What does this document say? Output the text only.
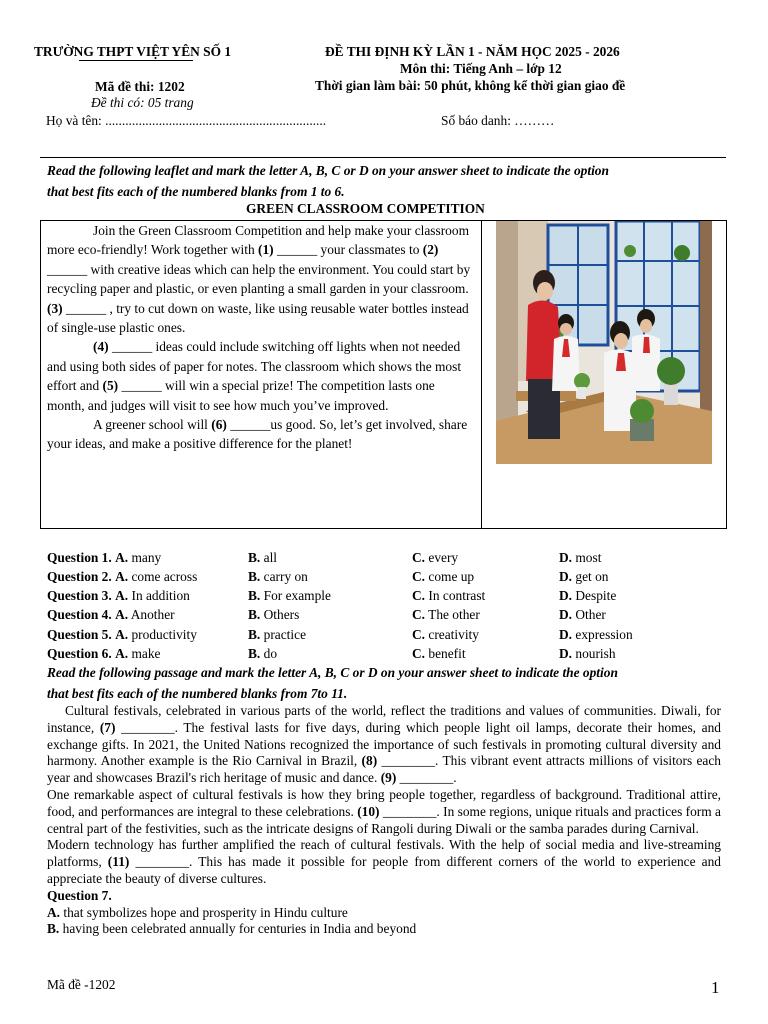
TRƯỜNG THPT VIỆT YÊN SỐ 1
Mã đề thi: 1202
Đề thi có: 05 trang
ĐỀ THI ĐỊNH KỲ LẦN 1 - NĂM HỌC 2025 - 2026
Môn thi: Tiếng Anh – lớp 12
Thời gian làm bài: 50 phút, không kể thời gian giao đề
Họ và tên: ..................................................................	Số báo danh: ………
Read the following leaflet and mark the letter A, B, C or D on your answer sheet to indicate the option
that best fits each of the numbered blanks from 1 to 6.
GREEN CLASSROOM COMPETITION

Join the Green Classroom Competition and help make your classroom more eco-friendly! Work together with (1) ______ your classmates to (2) ______ with creative ideas which can help the environment. You could start by recycling paper and plastic, or even planting a small garden in your classroom. (3) ______ , try to cut down on waste, like using reusable water bottles instead of single-use plastic ones.

(4) ______ ideas could include switching off lights when not needed and using both sides of paper for notes. The classroom which shows the most effort and (5) ______ will win a special prize! The competition lasts one month, and judges will visit to see how much you’ve improved.

A greener school will (6) ______us good. So, let’s get involved, share your ideas, and make a positive difference for the planet!

Question 1. A. many	B. all	C. every	D. most
Question 2. A. come across	B. carry on	C. come up	D. get on
Question 3. A. In addition	B. For example	C. In contrast	D. Despite
Question 4. A. Another	B. Others	C. The other	D. Other
Question 5. A. productivity	B. practice	C. creativity	D. expression
Question 6. A. make	B. do	C. benefit	D. nourish
Read the following passage and mark the letter A, B, C or D on your answer sheet to indicate the option
that best fits each of the numbered blanks from 7to 11.

Cultural festivals, celebrated in various parts of the world, reflect the traditions and values of communities. Diwali, for instance, (7) ________. The festival lasts for five days, during which people light oil lamps, decorate their homes, and exchange gifts. In 2021, the United Nations recognized the importance of such festivals in promoting cultural diversity and harmony. Another example is the Rio Carnival in Brazil, (8) ________. This vibrant event attracts millions of visitors each year and showcases Brazil's rich heritage of music and dance. (9) ________.

One remarkable aspect of cultural festivals is how they bring people together, regardless of background. Traditional attire, food, and performances are integral to these celebrations. (10) ________. In some regions, unique rituals and practices form a central part of the festivities, such as the intricate designs of Rangoli during Diwali or the samba parades during Carnival.

Modern technology has further amplified the reach of cultural festivals. With the help of social media and live-streaming platforms, (11) ________. This has made it possible for people from different corners of the world to experience and appreciate the beauty of diverse cultures.

Question 7.

A. that symbolizes hope and prosperity in Hindu culture

B. having been celebrated annually for centuries in India and beyond

Mã đề -1202	1
